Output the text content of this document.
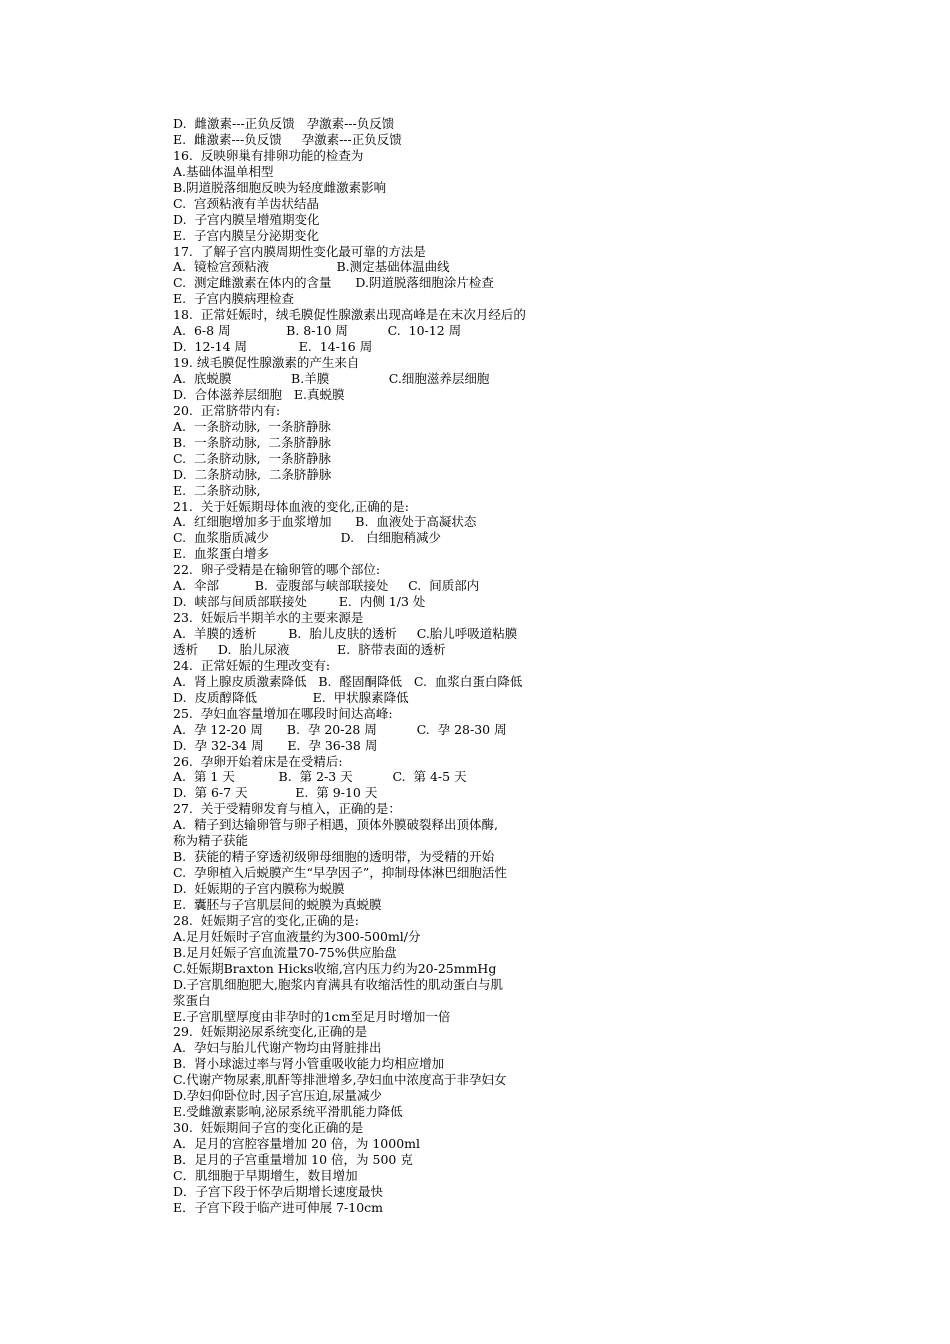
D.  雌激素---正负反馈   孕激素---负反馈
E.  雌激素---负反馈     孕激素---正负反馈
16.  反映卵巢有排卵功能的检查为
A.基础体温单相型
B.阴道脱落细胞反映为轻度雌激素影响
C.  宫颈粘液有羊齿状结晶
D.  子宫内膜呈增殖期变化
E.  子宫内膜呈分泌期变化
17.  了解子宫内膜周期性变化最可靠的方法是
A.  镜检宫颈粘液                 B.测定基础体温曲线
C.  测定雌激素在体内的含量      D.阴道脱落细胞涂片检查
E.  子宫内膜病理检查
18.  正常妊娠时，绒毛膜促性腺激素出现高峰是在末次月经后的
A.  6-8 周              B. 8-10 周          C.  10-12 周
D.  12-14 周             E.  14-16 周
19. 绒毛膜促性腺激素的产生来自
A.  底蜕膜               B.羊膜               C.细胞滋养层细胞
D.  合体滋养层细胞   E.真蜕膜
20.  正常脐带内有:
A.  一条脐动脉,  一条脐静脉
B.  一条脐动脉,  二条脐静脉
C.  二条脐动脉,  一条脐静脉
D.  二条脐动脉,  二条脐静脉
E.  二条脐动脉,
21.  关于妊娠期母体血液的变化,正确的是:
A.  红细胞增加多于血浆增加      B.  血液处于高凝状态
C.  血浆脂质减少                  D.   白细胞稍减少
E.  血浆蛋白增多
22.  卵子受精是在输卵管的哪个部位:
A.  伞部         B.  壶腹部与峡部联接处     C.  间质部内
D.  峡部与间质部联接处        E.  内侧 1/3 处
23.  妊娠后半期羊水的主要来源是
A.  羊膜的透析        B.  胎儿皮肤的透析     C.胎儿呼吸道粘膜
透析     D.  胎儿尿液            E.  脐带表面的透析
24.  正常妊娠的生理改变有:
A.  肾上腺皮质激素降低   B.  醛固酮降低   C.  血浆白蛋白降低
D.  皮质醇降低              E.  甲状腺素降低
25.  孕妇血容量增加在哪段时间达高峰:
A.  孕 12-20 周      B.  孕 20-28 周          C.  孕 28-30 周
D.  孕 32-34 周      E.  孕 36-38 周
26.  孕卵开始着床是在受精后:
A.  第 1 天           B.  第 2-3 天          C.  第 4-5 天
D.  第 6-7 天            E.  第 9-10 天
27.  关于受精卵发育与植入，正确的是：
A.  精子到达输卵管与卵子相遇，顶体外膜破裂释出顶体酶,
称为精子获能
B.  获能的精子穿透初级卵母细胞的透明带，为受精的开始
C.  孕卵植入后蜕膜产生“早孕因子”，抑制母体淋巴细胞活性
D.  妊娠期的子宫内膜称为蜕膜
E.  囊胚与子宫肌层间的蜕膜为真蜕膜
28.  妊娠期子宫的变化,正确的是:
A.足月妊娠时子宫血液量约为300-500ml/分
B.足月妊娠子宫血流量70-75%供应胎盘
C.妊娠期Braxton Hicks收缩,宫内压力约为20-25mmHg
D.子宫肌细胞肥大,胞浆内育满具有收缩活性的肌动蛋白与肌
浆蛋白
E.子宫肌壁厚度由非孕时的1cm至足月时增加一倍
29.  妊娠期泌尿系统变化,正确的是
A.  孕妇与胎儿代谢产物均由肾脏排出
B.  肾小球滤过率与肾小管重吸收能力均相应增加
C.代谢产物尿素,肌酐等排泄增多,孕妇血中浓度高于非孕妇女
D.孕妇仰卧位时,因子宫压迫,尿量减少
E.受雌激素影响,泌尿系统平滑肌能力降低
30.  妊娠期间子宫的变化正确的是
A．足月的宫腔容量增加 20 倍，为 1000ml
B．足月的子宫重量增加 10 倍，为 500 克
C．肌细胞于早期增生，数目增加
D．子宫下段于怀孕后期增长速度最快
E．子宫下段于临产进可伸展 7-10cm
